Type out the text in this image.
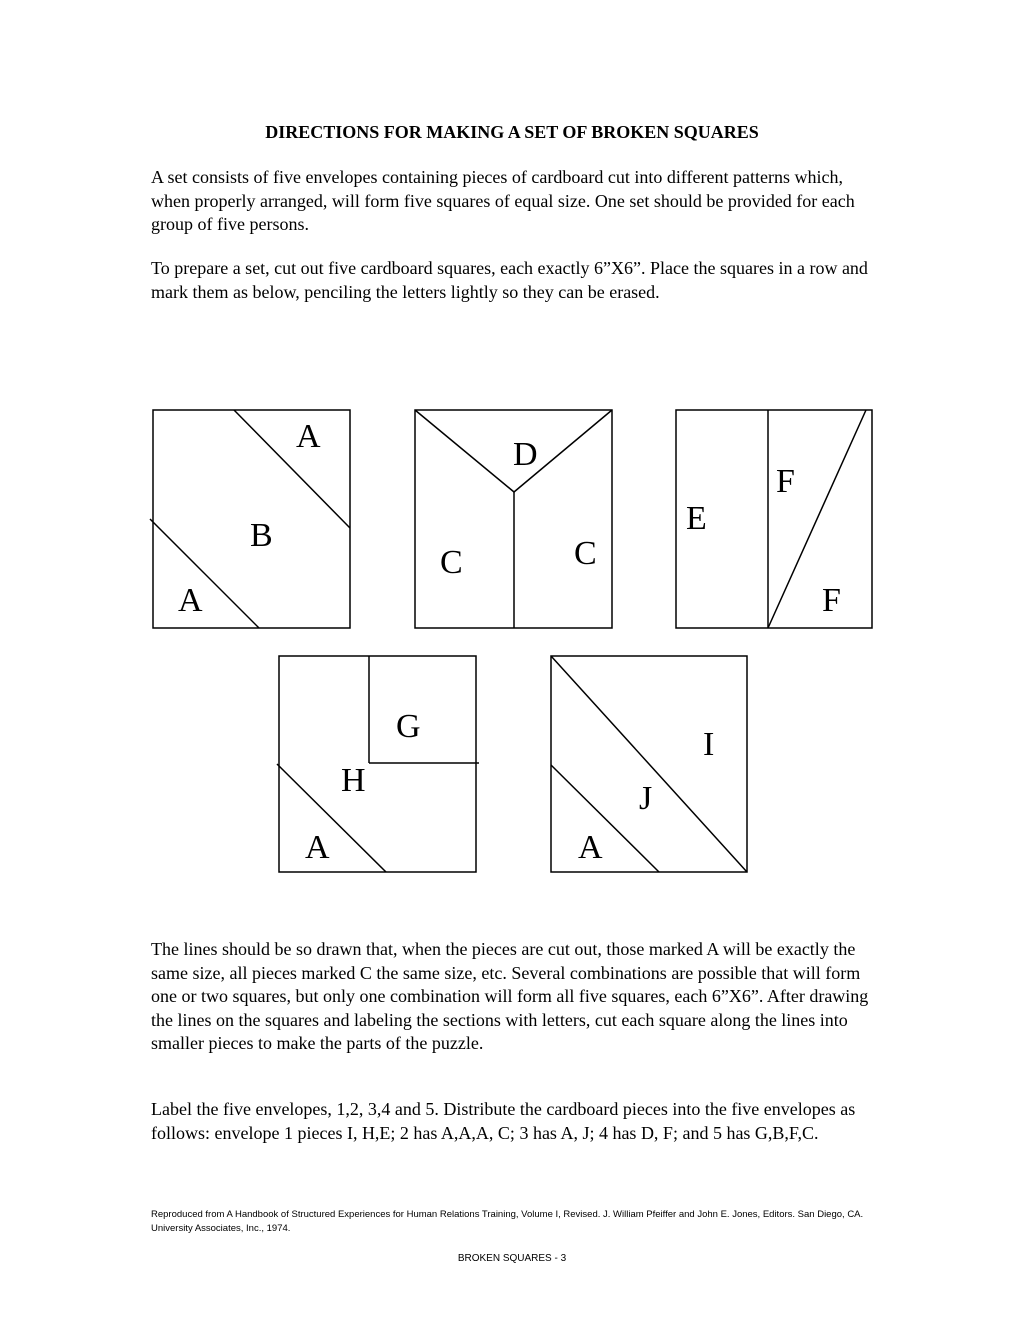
DIRECTIONS FOR MAKING A SET OF BROKEN SQUARES

A set consists of five envelopes containing pieces of cardboard cut into different patterns which, when properly arranged, will form five squares of equal size. One set should be provided for each group of five persons.

To prepare a set, cut out five cardboard squares, each exactly 6”X6”. Place the squares in a row and mark them as below, penciling the letters lightly so they can be erased.

A
B
A
D
C	C
E
F
F
G
H
A
I
J
A

The lines should be so drawn that, when the pieces are cut out, those marked A will be exactly the same size, all pieces marked C the same size, etc. Several combinations are possible that will form one or two squares, but only one combination will form all five squares, each 6”X6”. After drawing the lines on the squares and labeling the sections with letters, cut each square along the lines into smaller pieces to make the parts of the puzzle.

Label the five envelopes, 1,2, 3,4 and 5. Distribute the cardboard pieces into the five envelopes as follows: envelope 1 pieces I, H,E; 2 has A,A,A, C; 3 has A, J; 4 has D, F; and 5 has G,B,F,C.

Reproduced from A Handbook of Structured Experiences for Human Relations Training, Volume I, Revised. J. William Pfeiffer and John E. Jones, Editors. San Diego, CA. University Associates, Inc., 1974.
BROKEN SQUARES - 3
